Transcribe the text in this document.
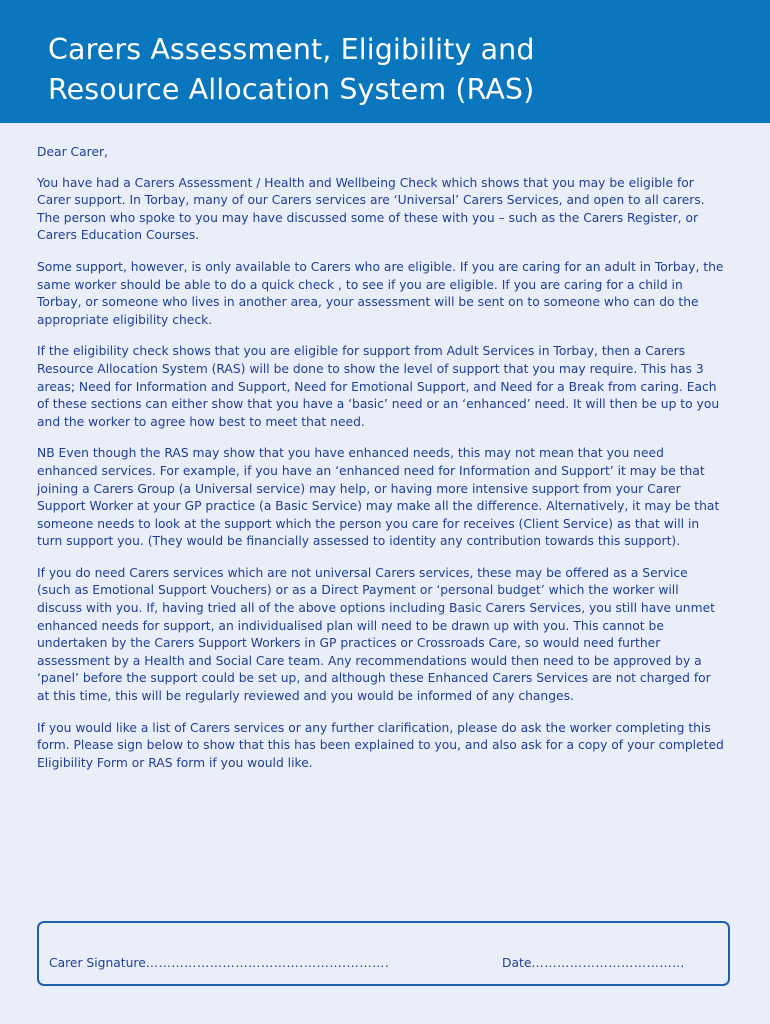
Carers Assessment, Eligibility and
Resource Allocation System (RAS)

Dear Carer,

You have had a Carers Assessment / Health and Wellbeing Check which shows that you may be eligible for Carer support. In Torbay, many of our Carers services are ‘Universal’ Carers Services, and open to all carers. The person who spoke to you may have discussed some of these with you – such as the Carers Register, or Carers Education Courses.

Some support, however, is only available to Carers who are eligible. If you are caring for an adult in Torbay, the same worker should be able to do a quick check , to see if you are eligible. If you are caring for a child in Torbay, or someone who lives in another area, your assessment will be sent on to someone who can do the appropriate eligibility check.

If the eligibility check shows that you are eligible for support from Adult Services in Torbay, then a Carers Resource Allocation System (RAS) will be done to show the level of support that you may require. This has 3 areas; Need for Information and Support, Need for Emotional Support, and Need for a Break from caring. Each of these sections can either show that you have a ‘basic’ need or an ‘enhanced’ need. It will then be up to you and the worker to agree how best to meet that need.

NB Even though the RAS may show that you have enhanced needs, this may not mean that you need enhanced services. For example, if you have an ‘enhanced need for Information and Support’ it may be that joining a Carers Group (a Universal service) may help, or having more intensive support from your Carer Support Worker at your GP practice (a Basic Service) may make all the difference. Alternatively, it may be that someone needs to look at the support which the person you care for receives (Client Service) as that will in turn support you. (They would be financially assessed to identity any contribution towards this support).

If you do need Carers services which are not universal Carers services, these may be offered as a Service (such as Emotional Support Vouchers) or as a Direct Payment or ‘personal budget’ which the worker will discuss with you. If, having tried all of the above options including Basic Carers Services, you still have unmet enhanced needs for support, an individualised plan will need to be drawn up with you. This cannot be undertaken by the Carers Support Workers in GP practices or Crossroads Care, so would need further assessment by a Health and Social Care team. Any recommendations would then need to be approved by a ‘panel’ before the support could be set up, and although these Enhanced Carers Services are not charged for at this time, this will be regularly reviewed and you would be informed of any changes.

If you would like a list of Carers services or any further clarification, please do ask the worker completing this form. Please sign below to show that this has been explained to you, and also ask for a copy of your completed Eligibility Form or RAS form if you would like.

Carer Signature……………………………….……….……….	Date………………………………
